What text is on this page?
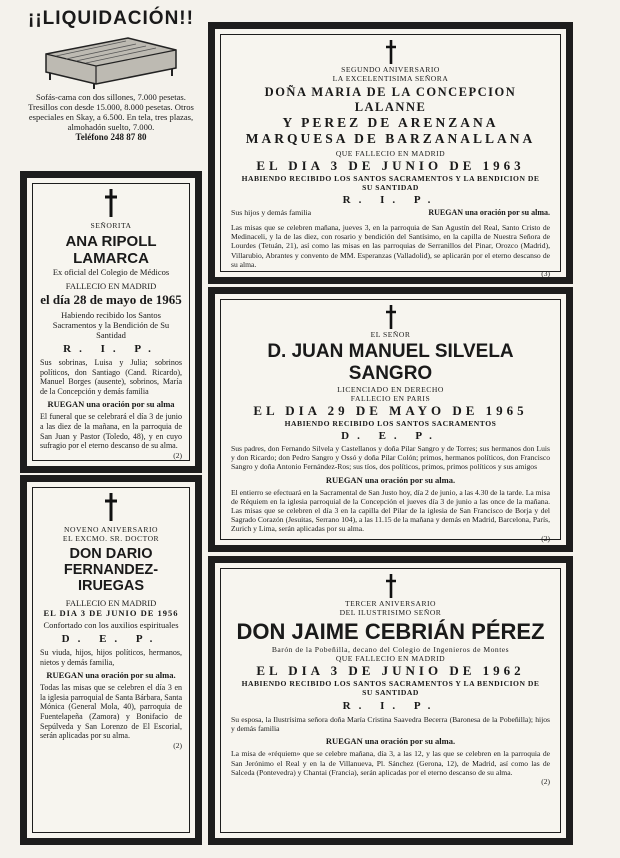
¡¡LIQUIDACIÓN!!
Sofás-cama con dos sillones, 7.000 pesetas. Tresillos con desde 15.000, 8.000 pesetas. Otros especiales en Skay, a 6.500. En tela, tres plazas, almohadón suelto, 7.000.
Teléfono 248 87 80
SEÑORITA
ANA RIPOLL LAMARCA
Ex oficial del Colegio de Médicos
FALLECIO EN MADRID
el día 28 de mayo de 1965
Habiendo recibido los Santos Sacramentos y la Bendición de Su Santidad
R. I. P.
Sus sobrinas, Luisa y Julia; sobrinos políticos, don Santiago (Cand. Ricardo), Manuel Borges (ausente), sobrinos, María de la Concepción y demás familia
RUEGAN una oración por su alma
El funeral que se celebrará el día 3 de junio a las diez de la mañana, en la parroquia de San Juan y Pastor (Toledo, 48), y en cuyo sufragio por el eterno descanso de su alma.
(2)
NOVENO ANIVERSARIO
EL EXCMO. SR. DOCTOR
DON DARIO FERNANDEZ-
IRUEGAS
FALLECIO EN MADRID
EL DIA 3 DE JUNIO DE 1956
Confortado con los auxilios espirituales
D. E. P.
Su viuda, hijos, hijos políticos, hermanos, nietos y demás familia,
RUEGAN una oración por su alma.
Todas las misas que se celebren el día 3 en la iglesia parroquial de Santa Bárbara, Santa Mónica (General Mola, 40), parroquia de Fuentelapeña (Zamora) y Bonifacio de Sepúlveda y San Lorenzo de El Escorial, serán aplicadas por su alma.
(2)
SEGUNDO ANIVERSARIO
LA EXCELENTISIMA SEÑORA
DOÑA MARIA DE LA CONCEPCION LALANNE
Y PEREZ DE ARENZANA
MARQUESA DE BARZANALLANA
QUE FALLECIO EN MADRID
EL DIA 3 DE JUNIO DE 1963
HABIENDO RECIBIDO LOS SANTOS SACRAMENTOS Y LA BENDICION DE SU SANTIDAD
R. I. P.
Sus hijos y demás familia	RUEGAN una oración por su alma.
Las misas que se celebren mañana, jueves 3, en la parroquia de San Agustín del Real, Santo Cristo de Medinaceli, y la de las diez, con rosario y bendición del Santísimo, en la capilla de Nuestra Señora de Lourdes (Tetuán, 21), así como las misas en las parroquias de Serranillos del Pinar, Orozco (Madrid), Villarubio, Abrantes y convento de MM. Esperanzas (Valladolid), se aplicarán por el eterno descanso de su alma.
(3)
EL SEÑOR
D. JUAN MANUEL SILVELA SANGRO
LICENCIADO EN DERECHO
FALLECIO EN PARIS
EL DIA 29 DE MAYO DE 1965
HABIENDO RECIBIDO LOS SANTOS SACRAMENTOS
D. E. P.
Sus padres, don Fernando Silvela y Castellanos y doña Pilar Sangro y de Torres; sus hermanos don Luis y don Ricardo; don Pedro Sangro y Ossó y doña Pilar Colón; primos, hermanos políticos, don Francisco Sangro y doña Antonio Fernández-Ros; sus tíos, dos políticos, primos, primos políticos y sus amigos
RUEGAN una oración por su alma.
El entierro se efectuará en la Sacramental de San Justo hoy, día 2 de junio, a las 4.30 de la tarde. La misa de Réquiem en la iglesia parroquial de la Concepción el jueves día 3 de junio a las once de la mañana. Las misas que se celebren el día 3 en la capilla del Pilar de la iglesia de San Francisco de Borja y del Sagrado Corazón (Jesuitas, Serrano 104), a las 11.15 de la mañana y demás en Madrid, Barcelona, París, Zurich y Lima, serán aplicadas por su alma.
(2)
TERCER ANIVERSARIO
DEL ILUSTRISIMO SEÑOR
DON JAIME CEBRIÁN PÉREZ
Barón de la Pobeñilla, decano del Colegio de Ingenieros de Montes
QUE FALLECIO EN MADRID
EL DIA 3 DE JUNIO DE 1962
HABIENDO RECIBIDO LOS SANTOS SACRAMENTOS Y LA BENDICION DE SU SANTIDAD
R. I. P.
Su esposa, la Ilustrísima señora doña María Cristina Saavedra Becerra (Baronesa de la Pobeñilla); hijos y demás familia
RUEGAN una oración por su alma.
La misa de «réquiem» que se celebre mañana, día 3, a las 12, y las que se celebren en la parroquia de San Jerónimo el Real y en la de Villanueva, Pl. Sánchez (Gerona, 12), de Madrid, así como las de Salceda (Pontevedra) y Chantai (Francia), serán aplicadas por el eterno descanso de su alma.
(2)
